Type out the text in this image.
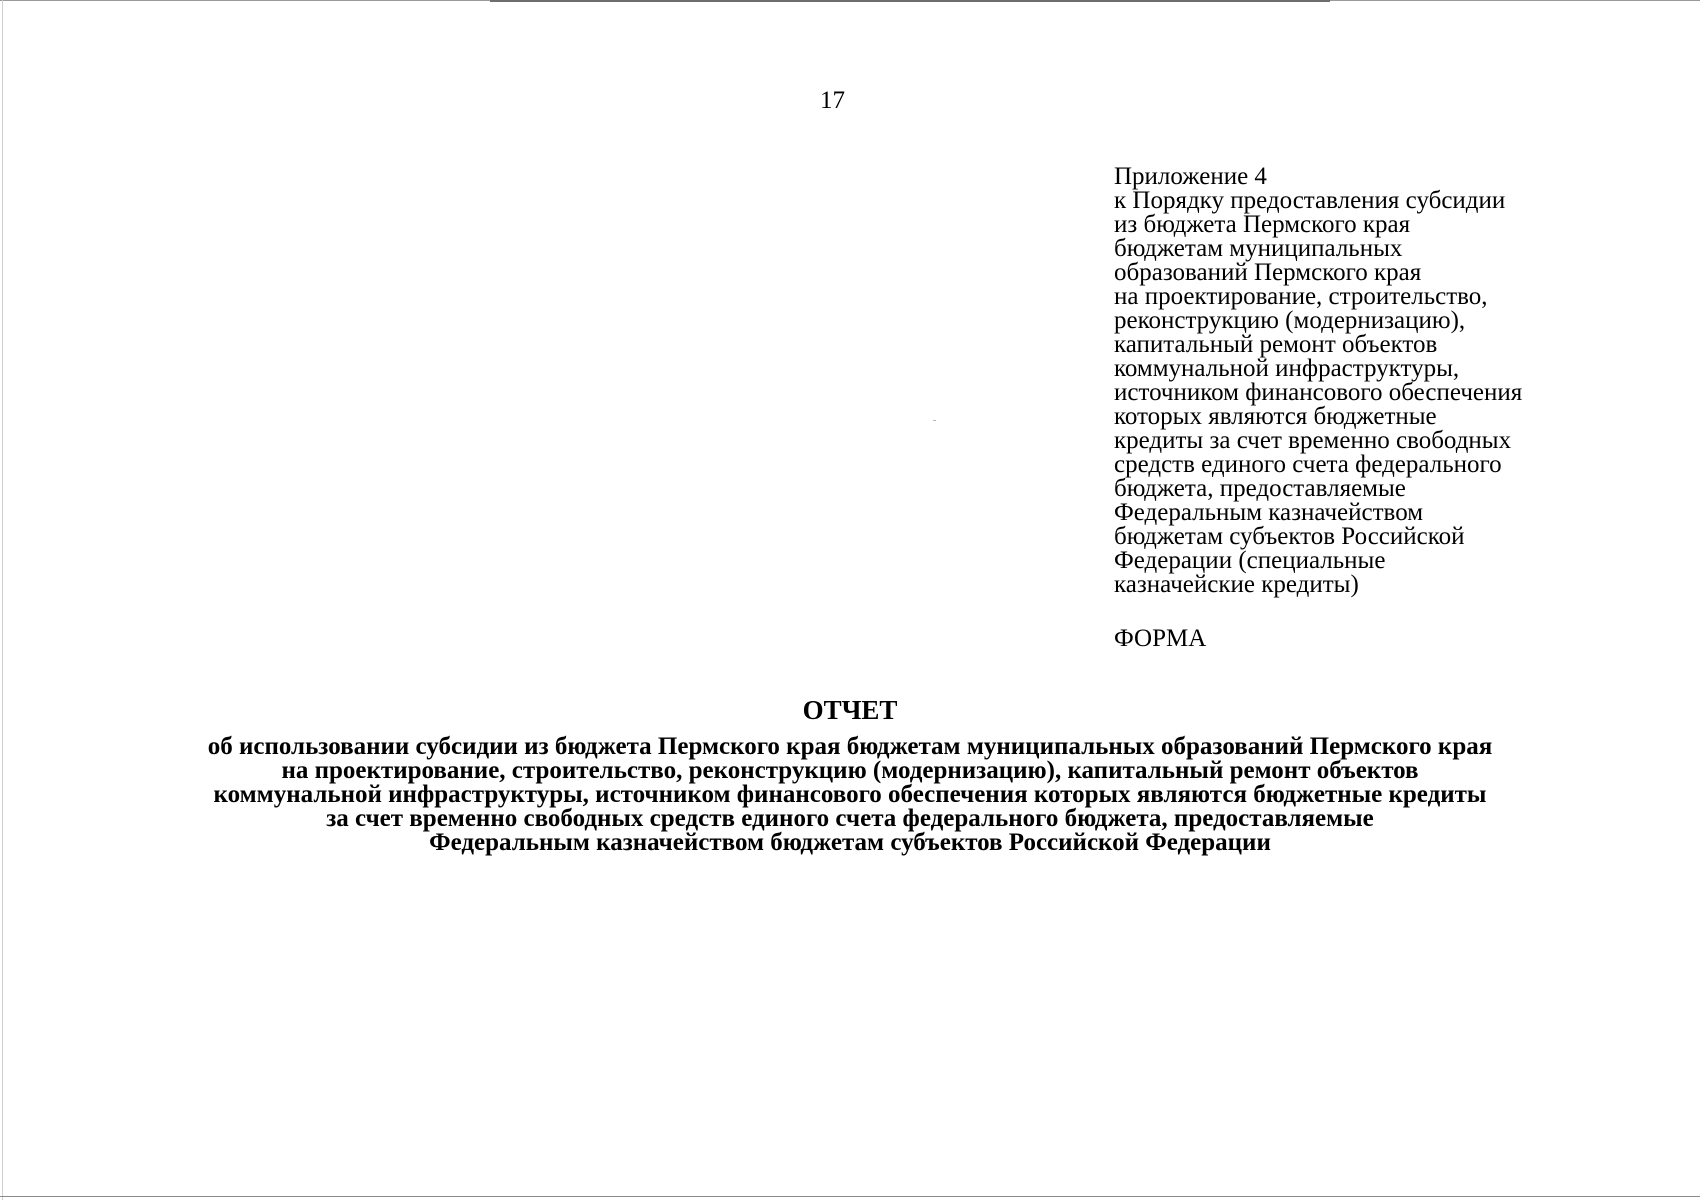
17
Приложение 4
к Порядку предоставления субсидии
из бюджета Пермского края
бюджетам муниципальных
образований Пермского края
на проектирование, строительство,
реконструкцию (модернизацию),
капитальный ремонт объектов
коммунальной инфраструктуры,
источником финансового обеспечения
которых являются бюджетные
кредиты за счет временно свободных
средств единого счета федерального
бюджета, предоставляемые
Федеральным казначейством
бюджетам субъектов Российской
Федерации (специальные
казначейские кредиты)
ФОРМА
ОТЧЕТ
об использовании субсидии из бюджета Пермского края бюджетам муниципальных образований Пермского края
на проектирование, строительство, реконструкцию (модернизацию), капитальный ремонт объектов
коммунальной инфраструктуры, источником финансового обеспечения которых являются бюджетные кредиты
за счет временно свободных средств единого счета федерального бюджета, предоставляемые
Федеральным казначейством бюджетам субъектов Российской Федерации
